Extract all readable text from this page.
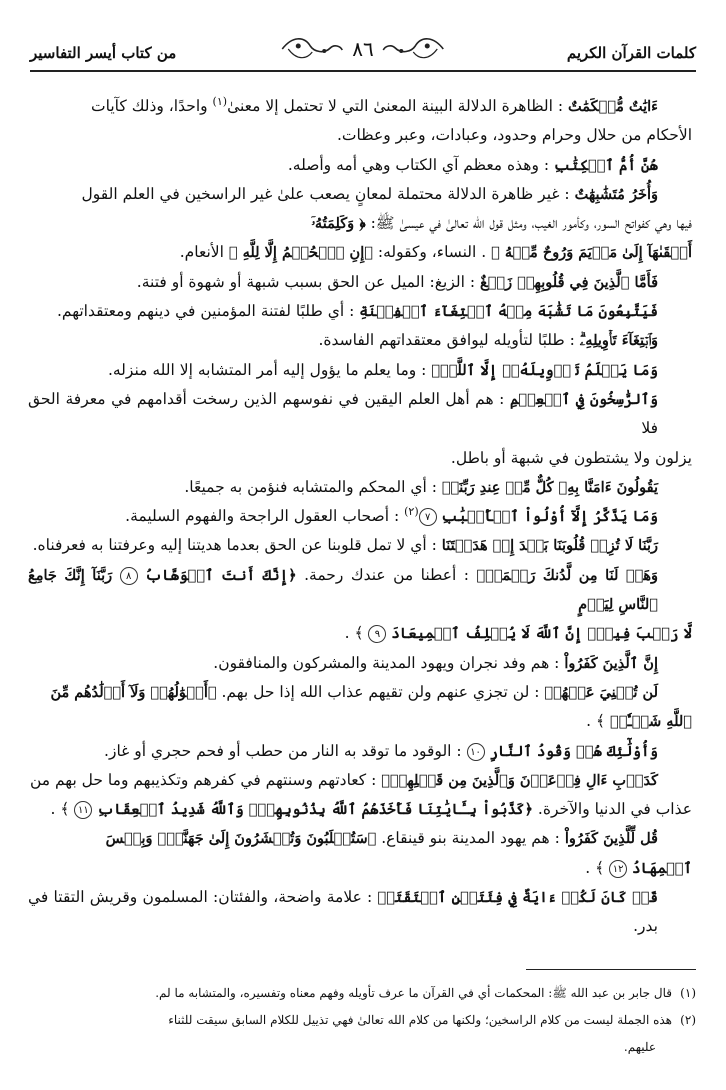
كلمات القرآن الكريم
٨٦
من كتاب أيسر التفاسير

ءَايَٰتٌ مُّحۡكَمَٰتٌ : الظاهرة الدلالة البينة المعنىٰ التي لا تحتمل إلا معنىٰ$^{(١)}$ واحدًا، وذلك كآيات

الأحكام من حلال وحرام وحدود، وعبادات، وعبر وعظات.

هُنَّ أُمُّ ٱلۡكِتَٰبِ : وهذه معظم آي الكتاب وهي أمه وأصله.

وَأُخَرُ مُتَشَٰبِهَٰتٌ : غير ظاهرة الدلالة محتملة لمعانٍ يصعب علىٰ غير الراسخين في العلم القول

فيها وهي كفواتح السور، وكأمور الغيب، ومثل قول الله تعالىٰ في عيسىٰ ﷺ: ﴿ وَكَلِمَتُهُۥٓ

أَلۡقَىٰهَآ إِلَىٰ مَرۡيَمَ وَرُوحٌ مِّنۡهُ ﴾ . النساء، وكقوله: ﴿إِنِ ٱلۡحُكۡمُ إِلَّا لِلَّهِ ﴾ الأنعام.

فَأَمَّا ٱلَّذِينَ فِي قُلُوبِهِمۡ زَيۡغٌ : الزيغ: الميل عن الحق بسبب شبهة أو شهوة أو فتنة.

فَيَتَّبِعُونَ مَا تَشَٰبَهَ مِنۡهُ ٱبۡتِغَآءَ ٱلۡفِتۡنَةِ : أي طلبًا لفتنة المؤمنين في دينهم ومعتقداتهم.

وَٱبۡتِغَآءَ تَأۡوِيلِهِۦۗ : طلبًا لتأويله ليوافق معتقداتهم الفاسدة.

وَمَا يَعۡلَمُ تَأۡوِيلَهُۥٓ إِلَّا ٱللَّهُۗ : وما يعلم ما يؤول إليه أمر المتشابه إلا الله منزله.

وَٱلرَّٰسِخُونَ فِي ٱلۡعِلۡمِ : هم أهل العلم اليقين في نفوسهم الذين رسخت أقدامهم في معرفة الحق فلا

يزلون ولا يشتطون في شبهة أو باطل.

يَقُولُونَ ءَامَنَّا بِهِۦ كُلٌّ مِّنۡ عِندِ رَبِّنَاۗ : أي المحكم والمتشابه فنؤمن به جميعًا.

وَمَا يَذَّكَّرُ إِلَّآ أُوْلُواْ ٱلۡأَلۡبَٰبِ ٧$^{(٢)}$ : أصحاب العقول الراجحة والفهوم السليمة.

رَبَّنَا لَا تُزِغۡ قُلُوبَنَا بَعۡدَ إِذۡ هَدَيۡتَنَا : أي لا تمل قلوبنا عن الحق بعدما هديتنا إليه وعرفتنا به فعرفناه.

وَهَبۡ لَنَا مِن لَّدُنكَ رَحۡمَةًۚ : أعطنا من عندك رحمة. ﴿إِنَّكَ أَنتَ ٱلۡوَهَّابُ ٨ رَبَّنَآ إِنَّكَ جَامِعُ ٱلنَّاسِ لِيَوۡمٍ

لَّا رَيۡبَ فِيهِۚ إِنَّ ٱللَّهَ لَا يُخۡلِفُ ٱلۡمِيعَادَ ٩ ﴾ .

إِنَّ ٱلَّذِينَ كَفَرُواْ : هم وفد نجران ويهود المدينة والمشركون والمنافقون.

لَن تُغۡنِيَ عَنۡهُمۡ : لن تجزي عنهم ولن تقيهم عذاب الله إذا حل بهم. ﴿أَمۡوَٰلُهُمۡ وَلَآ أَوۡلَٰدُهُم مِّنَ

ٱللَّهِ شَيۡـٔٗاۖ ﴾ .

وَأُوْلَٰٓئِكَ هُمۡ وَقُودُ ٱلنَّارِ ١٠ : الوقود ما توقد به النار من حطب أو فحم حجري أو غاز.

كَدَأۡبِ ءَالِ فِرۡعَوۡنَ وَٱلَّذِينَ مِن قَبۡلِهِمۡۚ : كعادتهم وسنتهم في كفرهم وتكذيبهم وما حل بهم من

عذاب في الدنيا والآخرة. ﴿كَذَّبُواْ بِـَٔايَٰتِنَا فَأَخَذَهُمُ ٱللَّهُ بِذُنُوبِهِمۡۗ وَٱللَّهُ شَدِيدُ ٱلۡعِقَابِ ١١ ﴾ .

قُل لِّلَّذِينَ كَفَرُواْ : هم يهود المدينة بنو قينقاع. ﴿سَتُغۡلَبُونَ وَتُحۡشَرُونَ إِلَىٰ جَهَنَّمَۖ وَبِئۡسَ

ٱلۡمِهَادُ ١٢ ﴾ .

قَدۡ كَانَ لَكُمۡ ءَايَةٌ فِي فِئَتَيۡنِ ٱلۡتَقَتَاۖ : علامة واضحة، والفئتان: المسلمون وقريش التقتا في بدر.

(١)قال جابر بن عبد الله ﷺ: المحكمات أي في القرآن ما عرف تأويله وفهم معناه وتفسيره، والمتشابه ما لم.

(٢)هذه الجملة ليست من كلام الراسخين؛ ولكنها من كلام الله تعالىٰ فهي تذييل للكلام السابق سيقت للثناء

عليهم.
